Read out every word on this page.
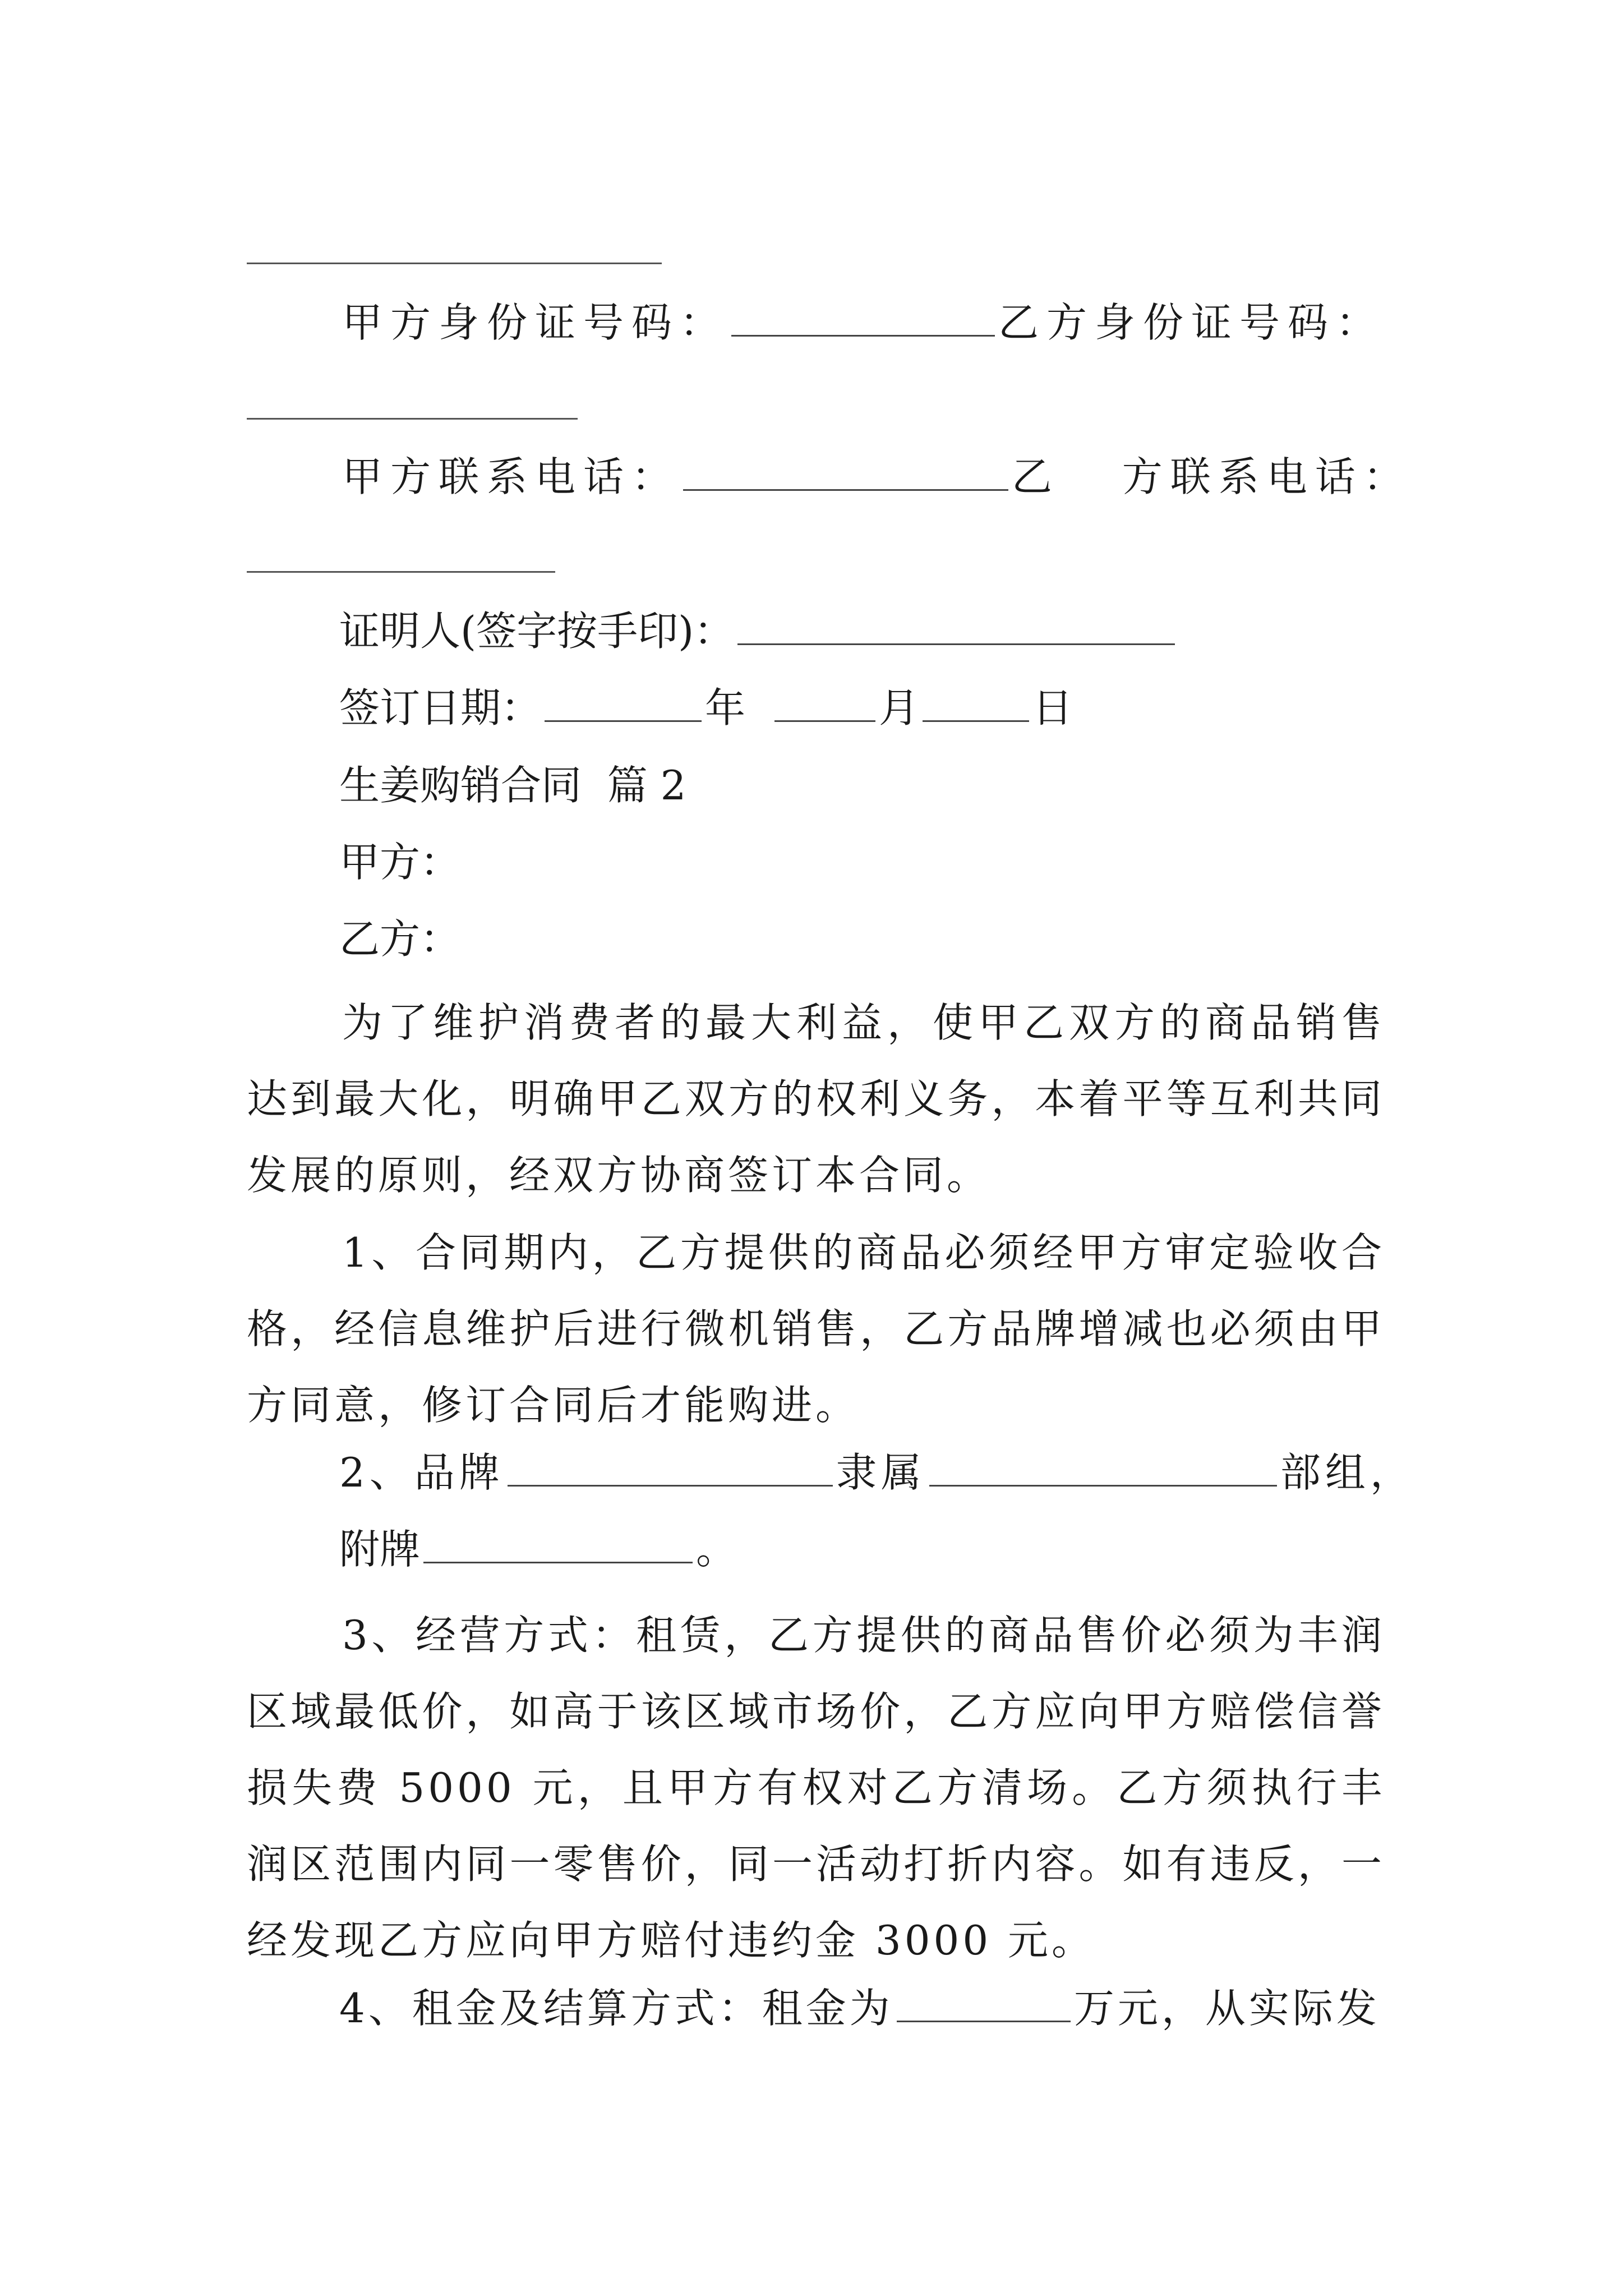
甲方身份证号码：	乙方身份证号码：
甲方联系电话：	乙 方联系电话：
证明人(签字按手印)：
签订日期：	年	月	日
生姜购销合同  篇 2
甲方：
乙方：
为了维护消费者的最大利益，使甲乙双方的商品销售达到最大化，明确甲乙双方的权利义务，本着平等互利共同发展的原则，经双方协商签订本合同。
1、合同期内，乙方提供的商品必须经甲方审定验收合格，经信息维护后进行微机销售，乙方品牌增减也必须由甲方同意，修订合同后才能购进。
2、品牌	隶属	部组，
附牌	。
3、经营方式：租赁，乙方提供的商品售价必须为丰润区域最低价，如高于该区域市场价，乙方应向甲方赔偿信誉损失费 5000 元，且甲方有权对乙方清场。乙方须执行丰润区范围内同一零售价，同一活动打折内容。如有违反，一经发现乙方应向甲方赔付违约金 3000 元。
4、租金及结算方式：租金为	万元，从实际发
